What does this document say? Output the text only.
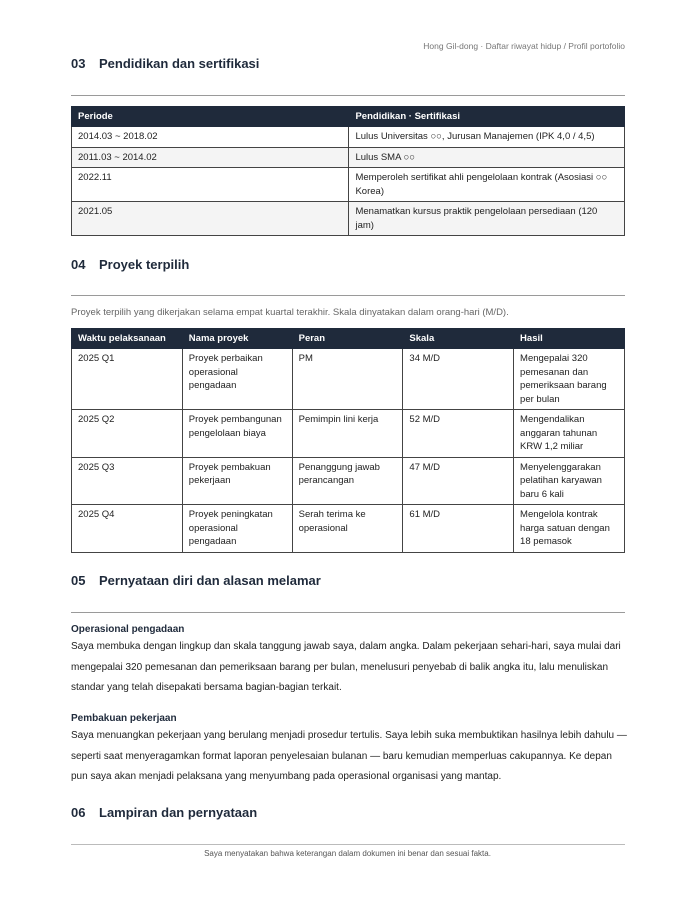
Hong Gil-dong · Daftar riwayat hidup / Profil portofolio
03 Pendidikan dan sertifikasi
Periode	Pendidikan · Sertifikasi
2014.03 ~ 2018.02	Lulus Universitas ○○, Jurusan Manajemen (IPK 4,0 / 4,5)
2011.03 ~ 2014.02	Lulus SMA ○○
2022.11	Memperoleh sertifikat ahli pengelolaan kontrak (Asosiasi ○○ Korea)
2021.05	Menamatkan kursus praktik pengelolaan persediaan (120 jam)
04 Proyek terpilih
Proyek terpilih yang dikerjakan selama empat kuartal terakhir. Skala dinyatakan dalam orang-hari (M/D).
Waktu pelaksanaan	Nama proyek	Peran	Skala	Hasil
2025 Q1	Proyek perbaikan operasional pengadaan	PM	34 M/D	Mengepalai 320 pemesanan dan pemeriksaan barang per bulan
2025 Q2	Proyek pembangunan pengelolaan biaya	Pemimpin lini kerja	52 M/D	Mengendalikan anggaran tahunan KRW 1,2 miliar
2025 Q3	Proyek pembakuan pekerjaan	Penanggung jawab perancangan	47 M/D	Menyelenggarakan pelatihan karyawan baru 6 kali
2025 Q4	Proyek peningkatan operasional pengadaan	Serah terima ke operasional	61 M/D	Mengelola kontrak harga satuan dengan 18 pemasok
05 Pernyataan diri dan alasan melamar
Operasional pengadaan

Saya membuka dengan lingkup dan skala tanggung jawab saya, dalam angka. Dalam pekerjaan sehari-hari, saya mulai dari mengepalai 320 pemesanan dan pemeriksaan barang per bulan, menelusuri penyebab di balik angka itu, lalu menuliskan standar yang telah disepakati bersama bagian-bagian terkait.

Pembakuan pekerjaan

Saya menuangkan pekerjaan yang berulang menjadi prosedur tertulis. Saya lebih suka membuktikan hasilnya lebih dahulu — seperti saat menyeragamkan format laporan penyelesaian bulanan — baru kemudian memperluas cakupannya. Ke depan pun saya akan menjadi pelaksana yang menyumbang pada operasional organisasi yang mantap.

06 Lampiran dan pernyataan
Saya menyatakan bahwa keterangan dalam dokumen ini benar dan sesuai fakta.
